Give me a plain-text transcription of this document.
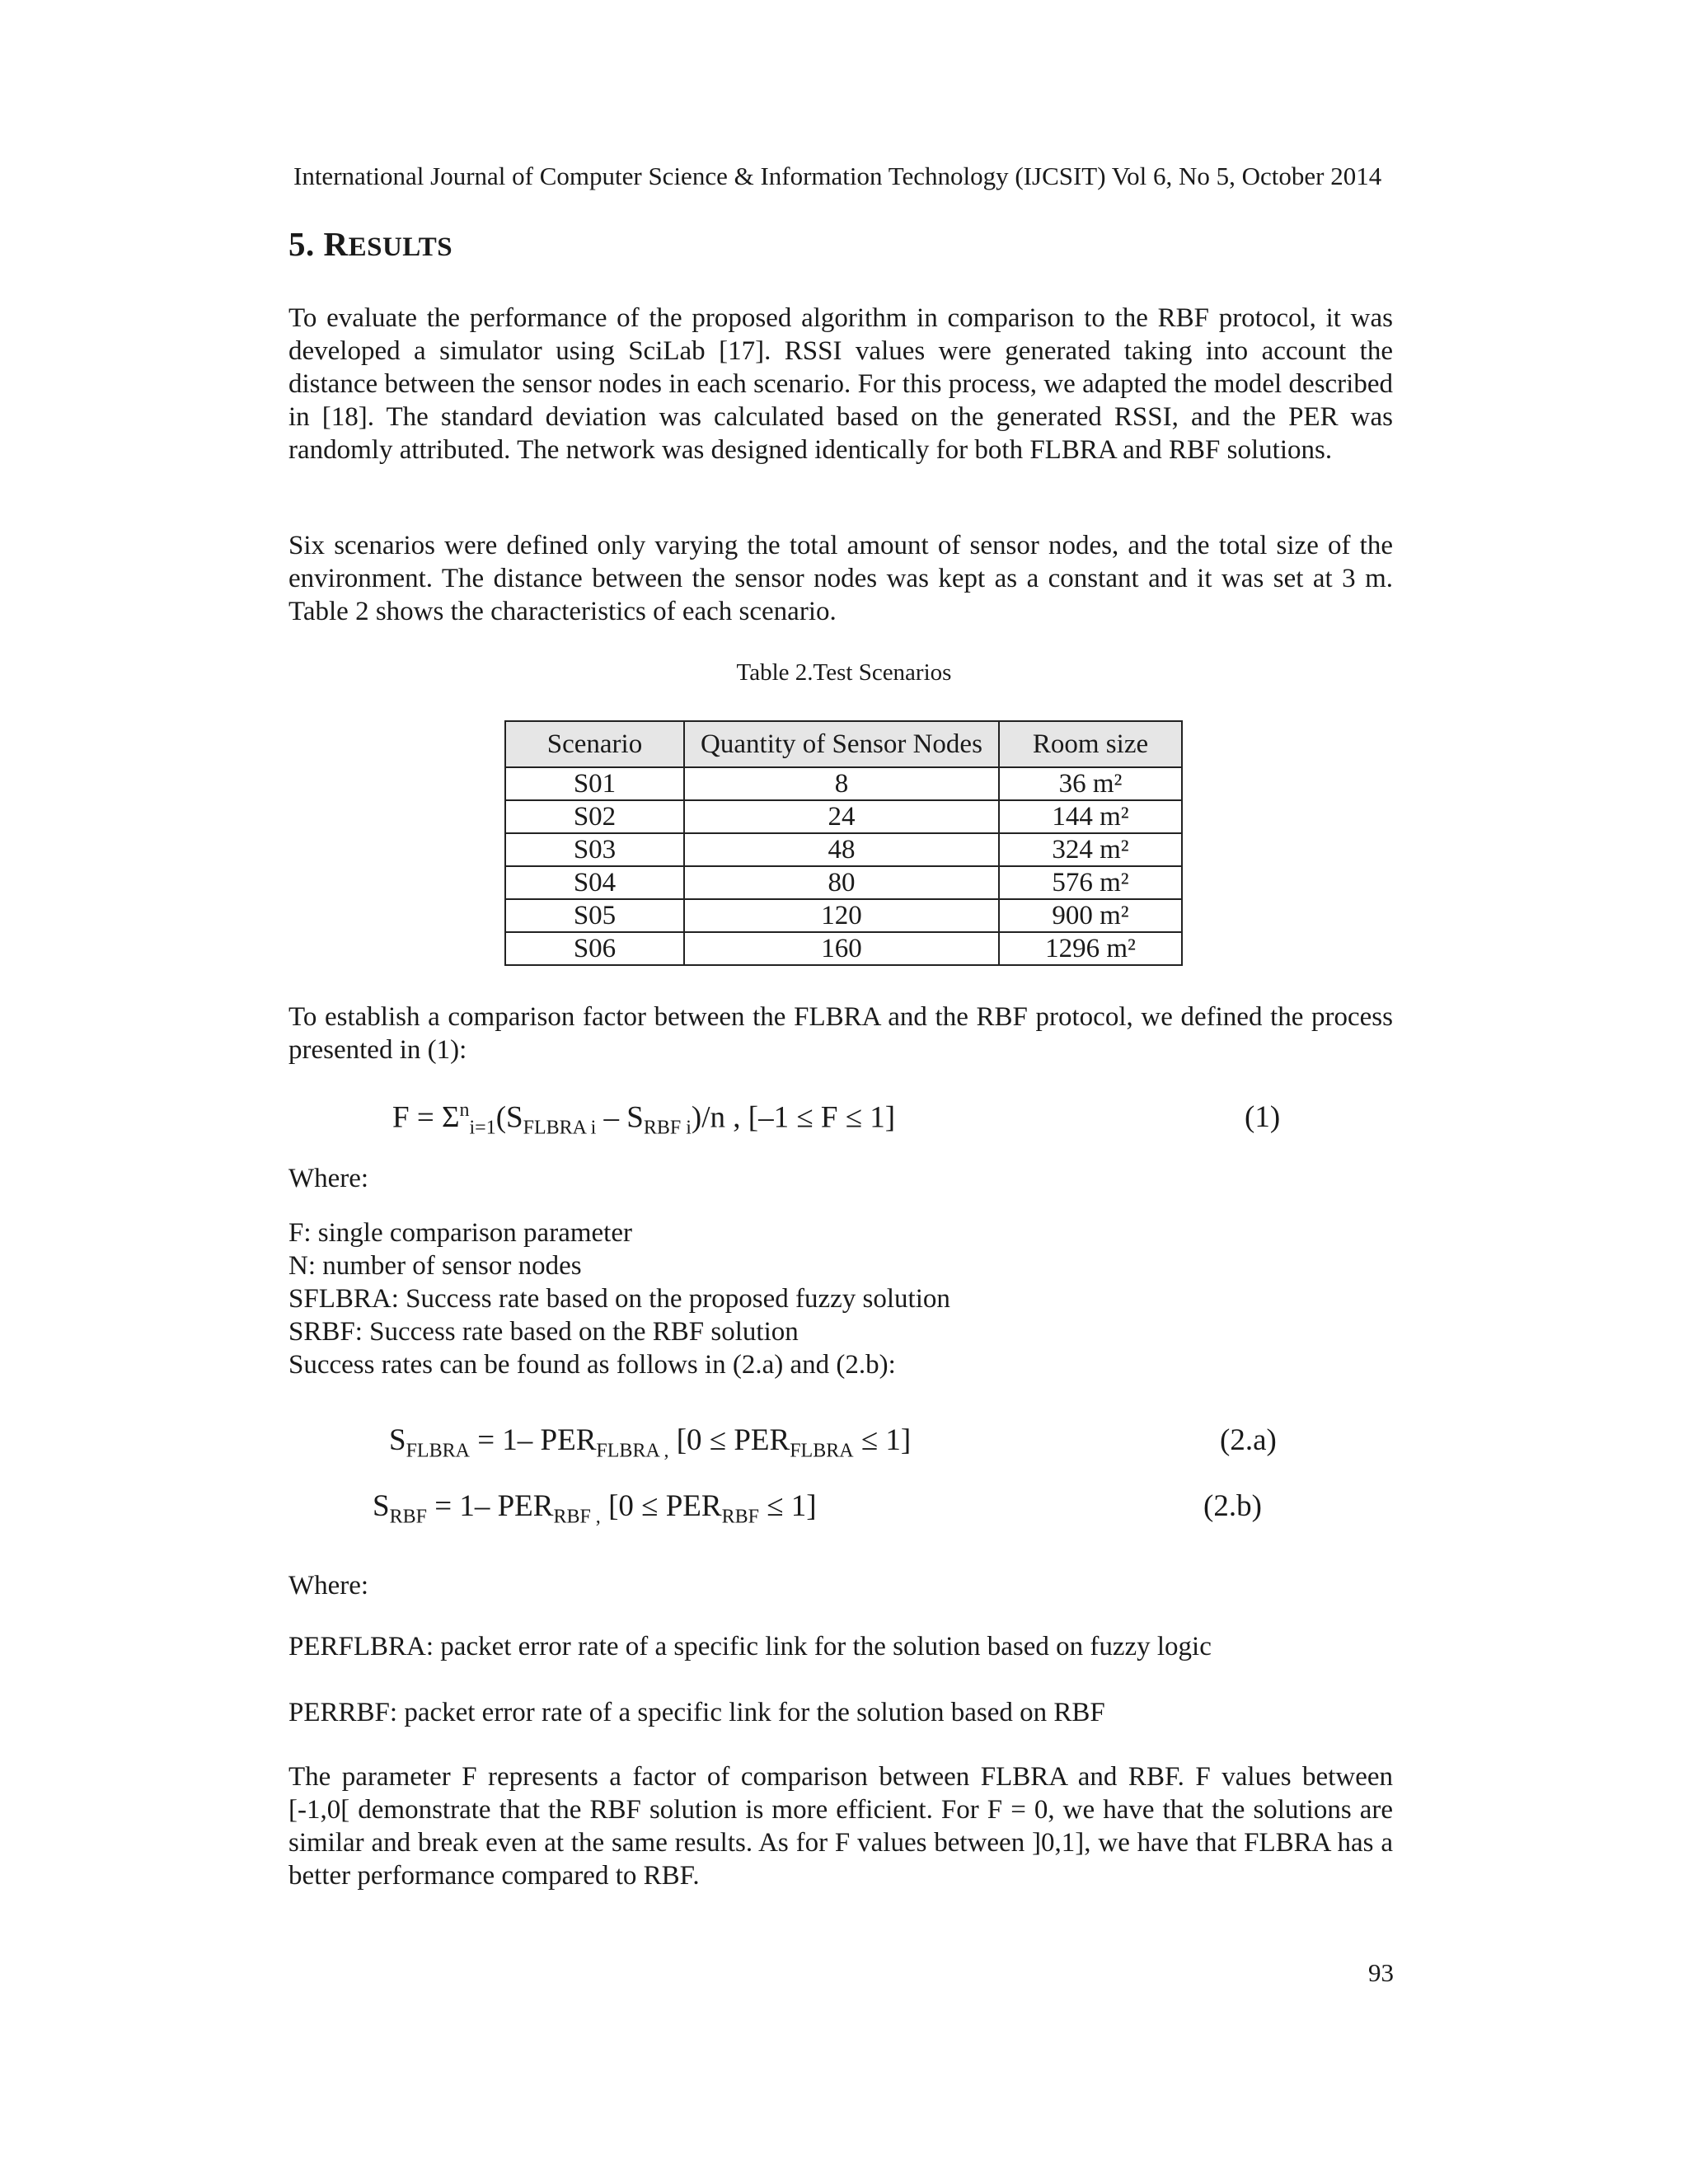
International Journal of Computer Science & Information Technology (IJCSIT) Vol 6, No 5, October 2014
5. RESULTS
To evaluate the performance of the proposed algorithm in comparison to the RBF protocol, it was developed a simulator using SciLab [17]. RSSI values were generated taking into account the distance between the sensor nodes in each scenario. For this process, we adapted the model described in [18]. The standard deviation was calculated based on the generated RSSI, and the PER was randomly attributed. The network was designed identically for both FLBRA and RBF solutions.
Six scenarios were defined only varying the total amount of sensor nodes, and the total size of the environment. The distance between the sensor nodes was kept as a constant and it was set at 3 m. Table 2 shows the characteristics of each scenario.
Table 2.Test Scenarios
Scenario	Quantity of Sensor Nodes	Room size
S01	8	36 m²
S02	24	144 m²
S03	48	324 m²
S04	80	576 m²
S05	120	900 m²
S06	160	1296 m²
To establish a comparison factor between the FLBRA and the RBF protocol, we defined the process presented in (1):
$F = \Sigma^n_{i=1}(S_{FLBRA i} - S_{RBF i})/n$ , [–1 ≤ F ≤ 1]	(1)
Where:
F: single comparison parameter
N: number of sensor nodes
SFLBRA: Success rate based on the proposed fuzzy solution
SRBF: Success rate based on the RBF solution
Success rates can be found as follows in (2.a) and (2.b):
$S_{FLBRA} = 1-$ $PER_{FLBRA ,}$ $[0 \le PER_{FLBRA} \le 1]$	(2.a)
$S_{RBF} = 1-$ $PER_{RBF ,}$ $[0 \le PER_{RBF} \le 1]$	(2.b)
Where:
PERFLBRA: packet error rate of a specific link for the solution based on fuzzy logic
PERRBF: packet error rate of a specific link for the solution based on RBF
The parameter F represents a factor of comparison between FLBRA and RBF. F values between [-1,0[ demonstrate that the RBF solution is more efficient. For F = 0, we have that the solutions are similar and break even at the same results. As for F values between ]0,1], we have that FLBRA has a better performance compared to RBF.
93
